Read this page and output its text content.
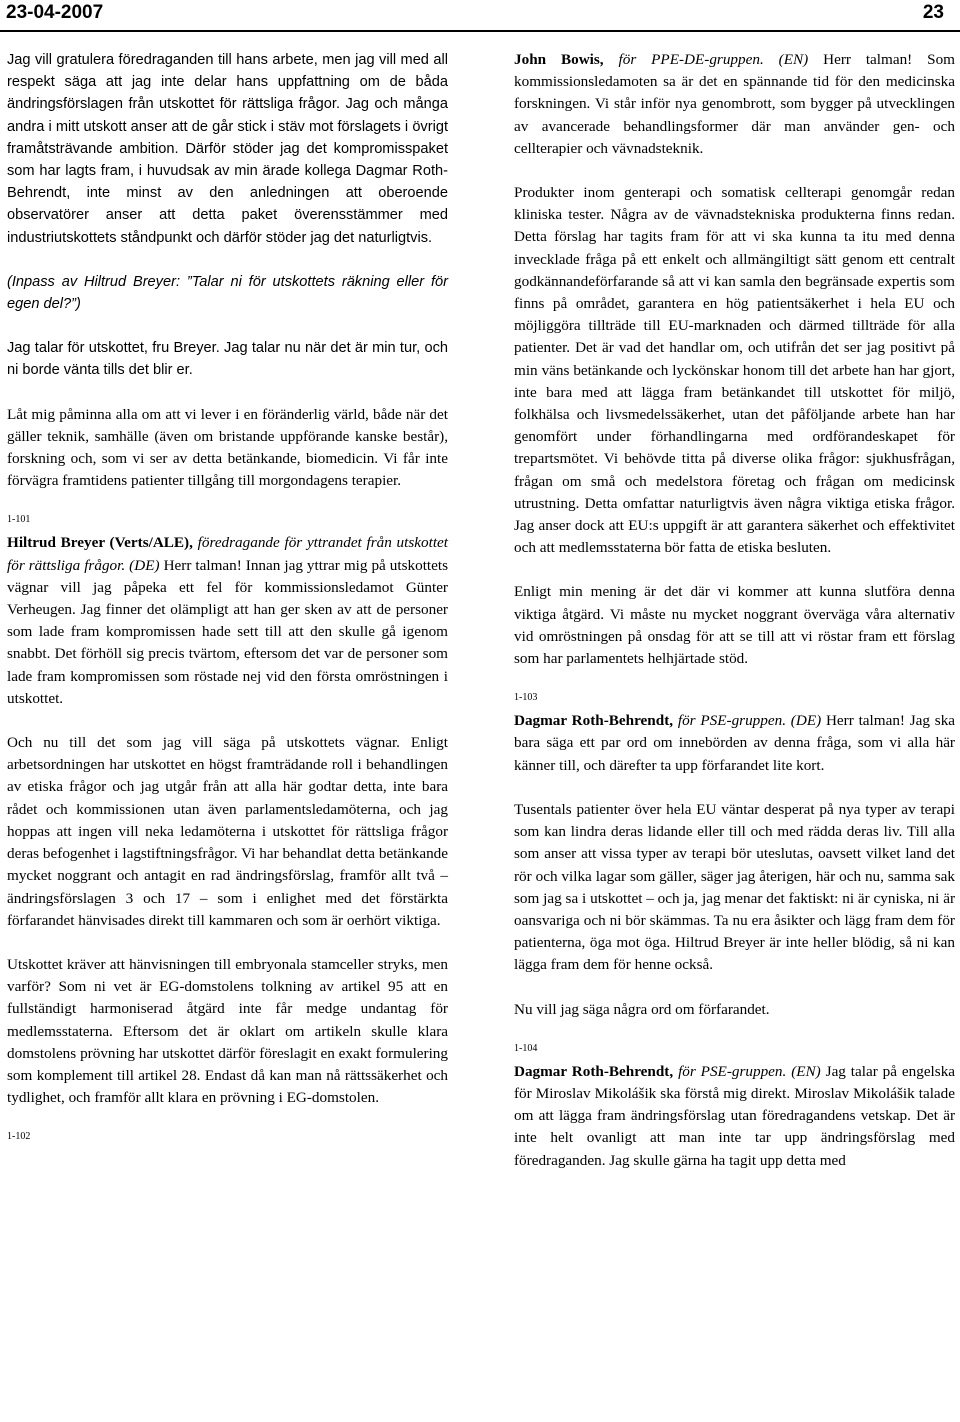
23-04-2007	23

Jag vill gratulera föredraganden till hans arbete, men jag vill med all respekt säga att jag inte delar hans uppfattning om de båda ändringsförslagen från utskottet för rättsliga frågor. Jag och många andra i mitt utskott anser att de går stick i stäv mot förslagets i övrigt framåtsträvande ambition. Därför stöder jag det kompromisspaket som har lagts fram, i huvudsak av min ärade kollega Dagmar Roth-Behrendt, inte minst av den anledningen att oberoende observatörer anser att detta paket överensstämmer med industriutskottets ståndpunkt och därför stöder jag det naturligtvis.

(Inpass av Hiltrud Breyer: ”Talar ni för utskottets räkning eller för egen del?”)

Jag talar för utskottet, fru Breyer. Jag talar nu när det är min tur, och ni borde vänta tills det blir er.

Låt mig påminna alla om att vi lever i en föränderlig värld, både när det gäller teknik, samhälle (även om bristande uppförande kanske består), forskning och, som vi ser av detta betänkande, biomedicin. Vi får inte förvägra framtidens patienter tillgång till morgondagens terapier.

1-101

Hiltrud Breyer (Verts/ALE), föredragande för yttrandet från utskottet för rättsliga frågor. (DE) Herr talman! Innan jag yttrar mig på utskottets vägnar vill jag påpeka ett fel för kommissionsledamot Günter Verheugen. Jag finner det olämpligt att han ger sken av att de personer som lade fram kompromissen hade sett till att den skulle gå igenom snabbt. Det förhöll sig precis tvärtom, eftersom det var de personer som lade fram kompromissen som röstade nej vid den första omröstningen i utskottet.

Och nu till det som jag vill säga på utskottets vägnar. Enligt arbetsordningen har utskottet en högst framträdande roll i behandlingen av etiska frågor och jag utgår från att alla här godtar detta, inte bara rådet och kommissionen utan även parlamentsledamöterna, och jag hoppas att ingen vill neka ledamöterna i utskottet för rättsliga frågor deras befogenhet i lagstiftningsfrågor. Vi har behandlat detta betänkande mycket noggrant och antagit en rad ändringsförslag, framför allt två – ändringsförslagen 3 och 17 – som i enlighet med det förstärkta förfarandet hänvisades direkt till kammaren och som är oerhört viktiga.

Utskottet kräver att hänvisningen till embryonala stamceller stryks, men varför? Som ni vet är EG-domstolens tolkning av artikel 95 att en fullständigt harmoniserad åtgärd inte får medge undantag för medlemsstaterna. Eftersom det är oklart om artikeln skulle klara domstolens prövning har utskottet därför föreslagit en exakt formulering som komplement till artikel 28. Endast då kan man nå rättssäkerhet och tydlighet, och framför allt klara en prövning i EG-domstolen.

1-102

John Bowis, för PPE-DE-gruppen. (EN) Herr talman! Som kommissionsledamoten sa är det en spännande tid för den medicinska forskningen. Vi står inför nya genombrott, som bygger på utvecklingen av avancerade behandlingsformer där man använder gen- och cellterapier och vävnadsteknik.

Produkter inom genterapi och somatisk cellterapi genomgår redan kliniska tester. Några av de vävnadstekniska produkterna finns redan. Detta förslag har tagits fram för att vi ska kunna ta itu med denna invecklade fråga på ett enkelt och allmängiltigt sätt genom ett centralt godkännandeförfarande så att vi kan samla den begränsade expertis som finns på området, garantera en hög patientsäkerhet i hela EU och möjliggöra tillträde till EU-marknaden och därmed tillträde för alla patienter. Det är vad det handlar om, och utifrån det ser jag positivt på min väns betänkande och lyckönskar honom till det arbete han har gjort, inte bara med att lägga fram betänkandet till utskottet för miljö, folkhälsa och livsmedelssäkerhet, utan det påföljande arbete han har genomfört under förhandlingarna med ordförandeskapet för trepartsmötet. Vi behövde titta på diverse olika frågor: sjukhusfrågan, frågan om små och medelstora företag och frågan om medicinsk utrustning. Detta omfattar naturligtvis även några viktiga etiska frågor. Jag anser dock att EU:s uppgift är att garantera säkerhet och effektivitet och att medlemsstaterna bör fatta de etiska besluten.

Enligt min mening är det där vi kommer att kunna slutföra denna viktiga åtgärd. Vi måste nu mycket noggrant överväga våra alternativ vid omröstningen på onsdag för att se till att vi röstar fram ett förslag som har parlamentets helhjärtade stöd.

1-103

Dagmar Roth-Behrendt, för PSE-gruppen. (DE) Herr talman! Jag ska bara säga ett par ord om innebörden av denna fråga, som vi alla här känner till, och därefter ta upp förfarandet lite kort.

Tusentals patienter över hela EU väntar desperat på nya typer av terapi som kan lindra deras lidande eller till och med rädda deras liv. Till alla som anser att vissa typer av terapi bör uteslutas, oavsett vilket land det rör och vilka lagar som gäller, säger jag återigen, här och nu, samma sak som jag sa i utskottet – och ja, jag menar det faktiskt: ni är cyniska, ni är oansvariga och ni bör skämmas. Ta nu era åsikter och lägg fram dem för patienterna, öga mot öga. Hiltrud Breyer är inte heller blödig, så ni kan lägga fram dem för henne också.

Nu vill jag säga några ord om förfarandet.

1-104

Dagmar Roth-Behrendt, för PSE-gruppen. (EN) Jag talar på engelska för Miroslav Mikolášik ska förstå mig direkt. Miroslav Mikolášik talade om att lägga fram ändringsförslag utan föredragandens vetskap. Det är inte helt ovanligt att man inte tar upp ändringsförslag med föredraganden. Jag skulle gärna ha tagit upp detta med
